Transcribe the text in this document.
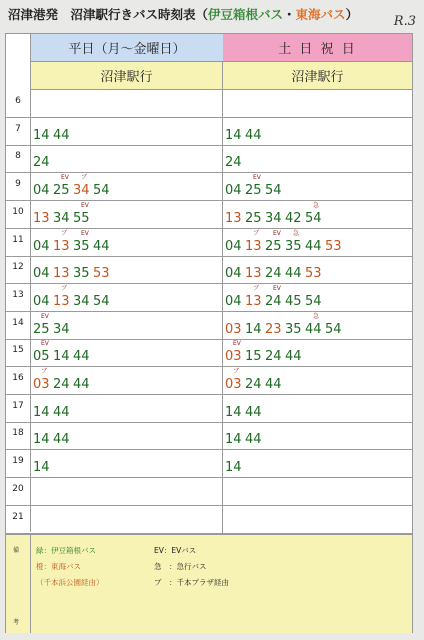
沼津港発　沼津駅行きバス時刻表（伊豆箱根バス・東海バス）	R.3
平日（月～金曜日）	土 日 祝 日
沼津駅行	沼津駅行
6
7 14 44	14 44
8 24	24
9 04 25
EV
34
ブ
54	04 25
EV
54
10 13 34 55
EV
13 25 34 42 54
急
11 04 13
ブ
35
EV
44	04 13
ブ
25
EV
35
急
44 53
12 04 13 35 53	04 13 24 44 53
13 04 13
ブ
34 54	04 13
ブ
24
EV
45 54
14 25
EV
34	03 14 23 35 44
急
54
15 05
EV
14 44	03
EV
15 24 44
16 03
ブ
24 44	03
ブ
24 44
17 14 44	14 44
18 14 44	14 44
19 14	14
20
21
備
考
緑：伊豆箱根バス
橙：東海バス
（千本浜公園経由）
EV：EVバス
急　：急行バス
ブ　：千本プラザ経由
